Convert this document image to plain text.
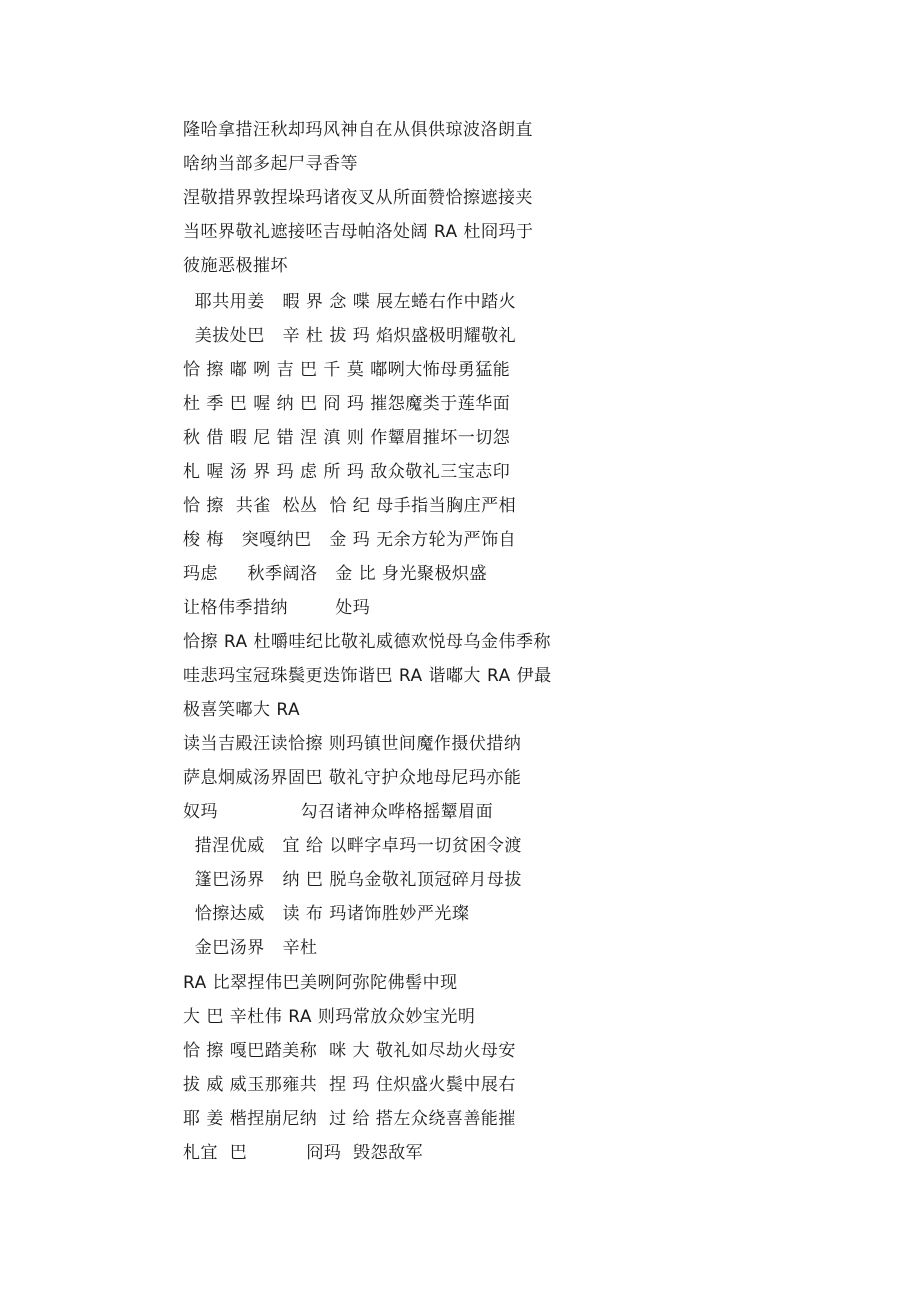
隆哈拿措汪秋却玛风神自在从俱供琼波洛朗直
啥纳当部多起尸寻香等
涅敬措界敦捏垛玛诸夜叉从所面赞恰擦遮接夹
当呸界敬礼遮接呸吉母帕洛处阔 RA 杜冏玛于
彼施恶极摧坏
耶共用姜   暇 界 念 喋 展左蜷右作中踏火
美拔处巴   辛 杜 拔 玛 焰炽盛极明耀敬礼
恰 擦 嘟 咧 吉 巴 千 莫 嘟咧大怖母勇猛能
杜 季 巴 喔 纳 巴 冏 玛 摧怨魔类于莲华面
秋 借 暇 尼 错 涅 滇 则 作颦眉摧坏一切怨
札 喔 汤 界 玛 虑 所 玛 敌众敬礼三宝志印
恰 擦  共雀  松丛  恰 纪 母手指当胸庄严相
梭 梅   突嘎纳巴   金 玛 无余方轮为严饰自
玛虑     秋季阔洛   金 比 身光聚极炽盛
让格伟季措纳        处玛
恰擦 RA 杜嚼哇纪比敬礼威德欢悦母乌金伟季称
哇悲玛宝冠珠鬓更迭饰谐巴 RA 谐嘟大 RA 伊最
极喜笑嘟大 RA
读当吉殿汪读恰擦 则玛镇世间魔作摄伏措纳
萨息炯威汤界固巴 敬礼守护众地母尼玛亦能
奴玛              勾召诸神众哗格摇颦眉面
措涅优威   宜 给 以畔字卓玛一切贫困令渡
篷巴汤界   纳 巴 脱乌金敬礼顶冠碎月母拔
恰擦达威   读 布 玛诸饰胜妙严光璨
金巴汤界   辛杜
RA 比翠捏伟巴美咧阿弥陀佛髻中现
大 巴 辛杜伟 RA 则玛常放众妙宝光明
恰 擦 嘎巴踏美称  咪 大 敬礼如尽劫火母安
拔 威 威玉那雍共  捏 玛 住炽盛火鬓中展右
耶 姜 楷捏崩尼纳  过 给 搭左众绕喜善能摧
札宜  巴          冏玛  毁怨敌军
